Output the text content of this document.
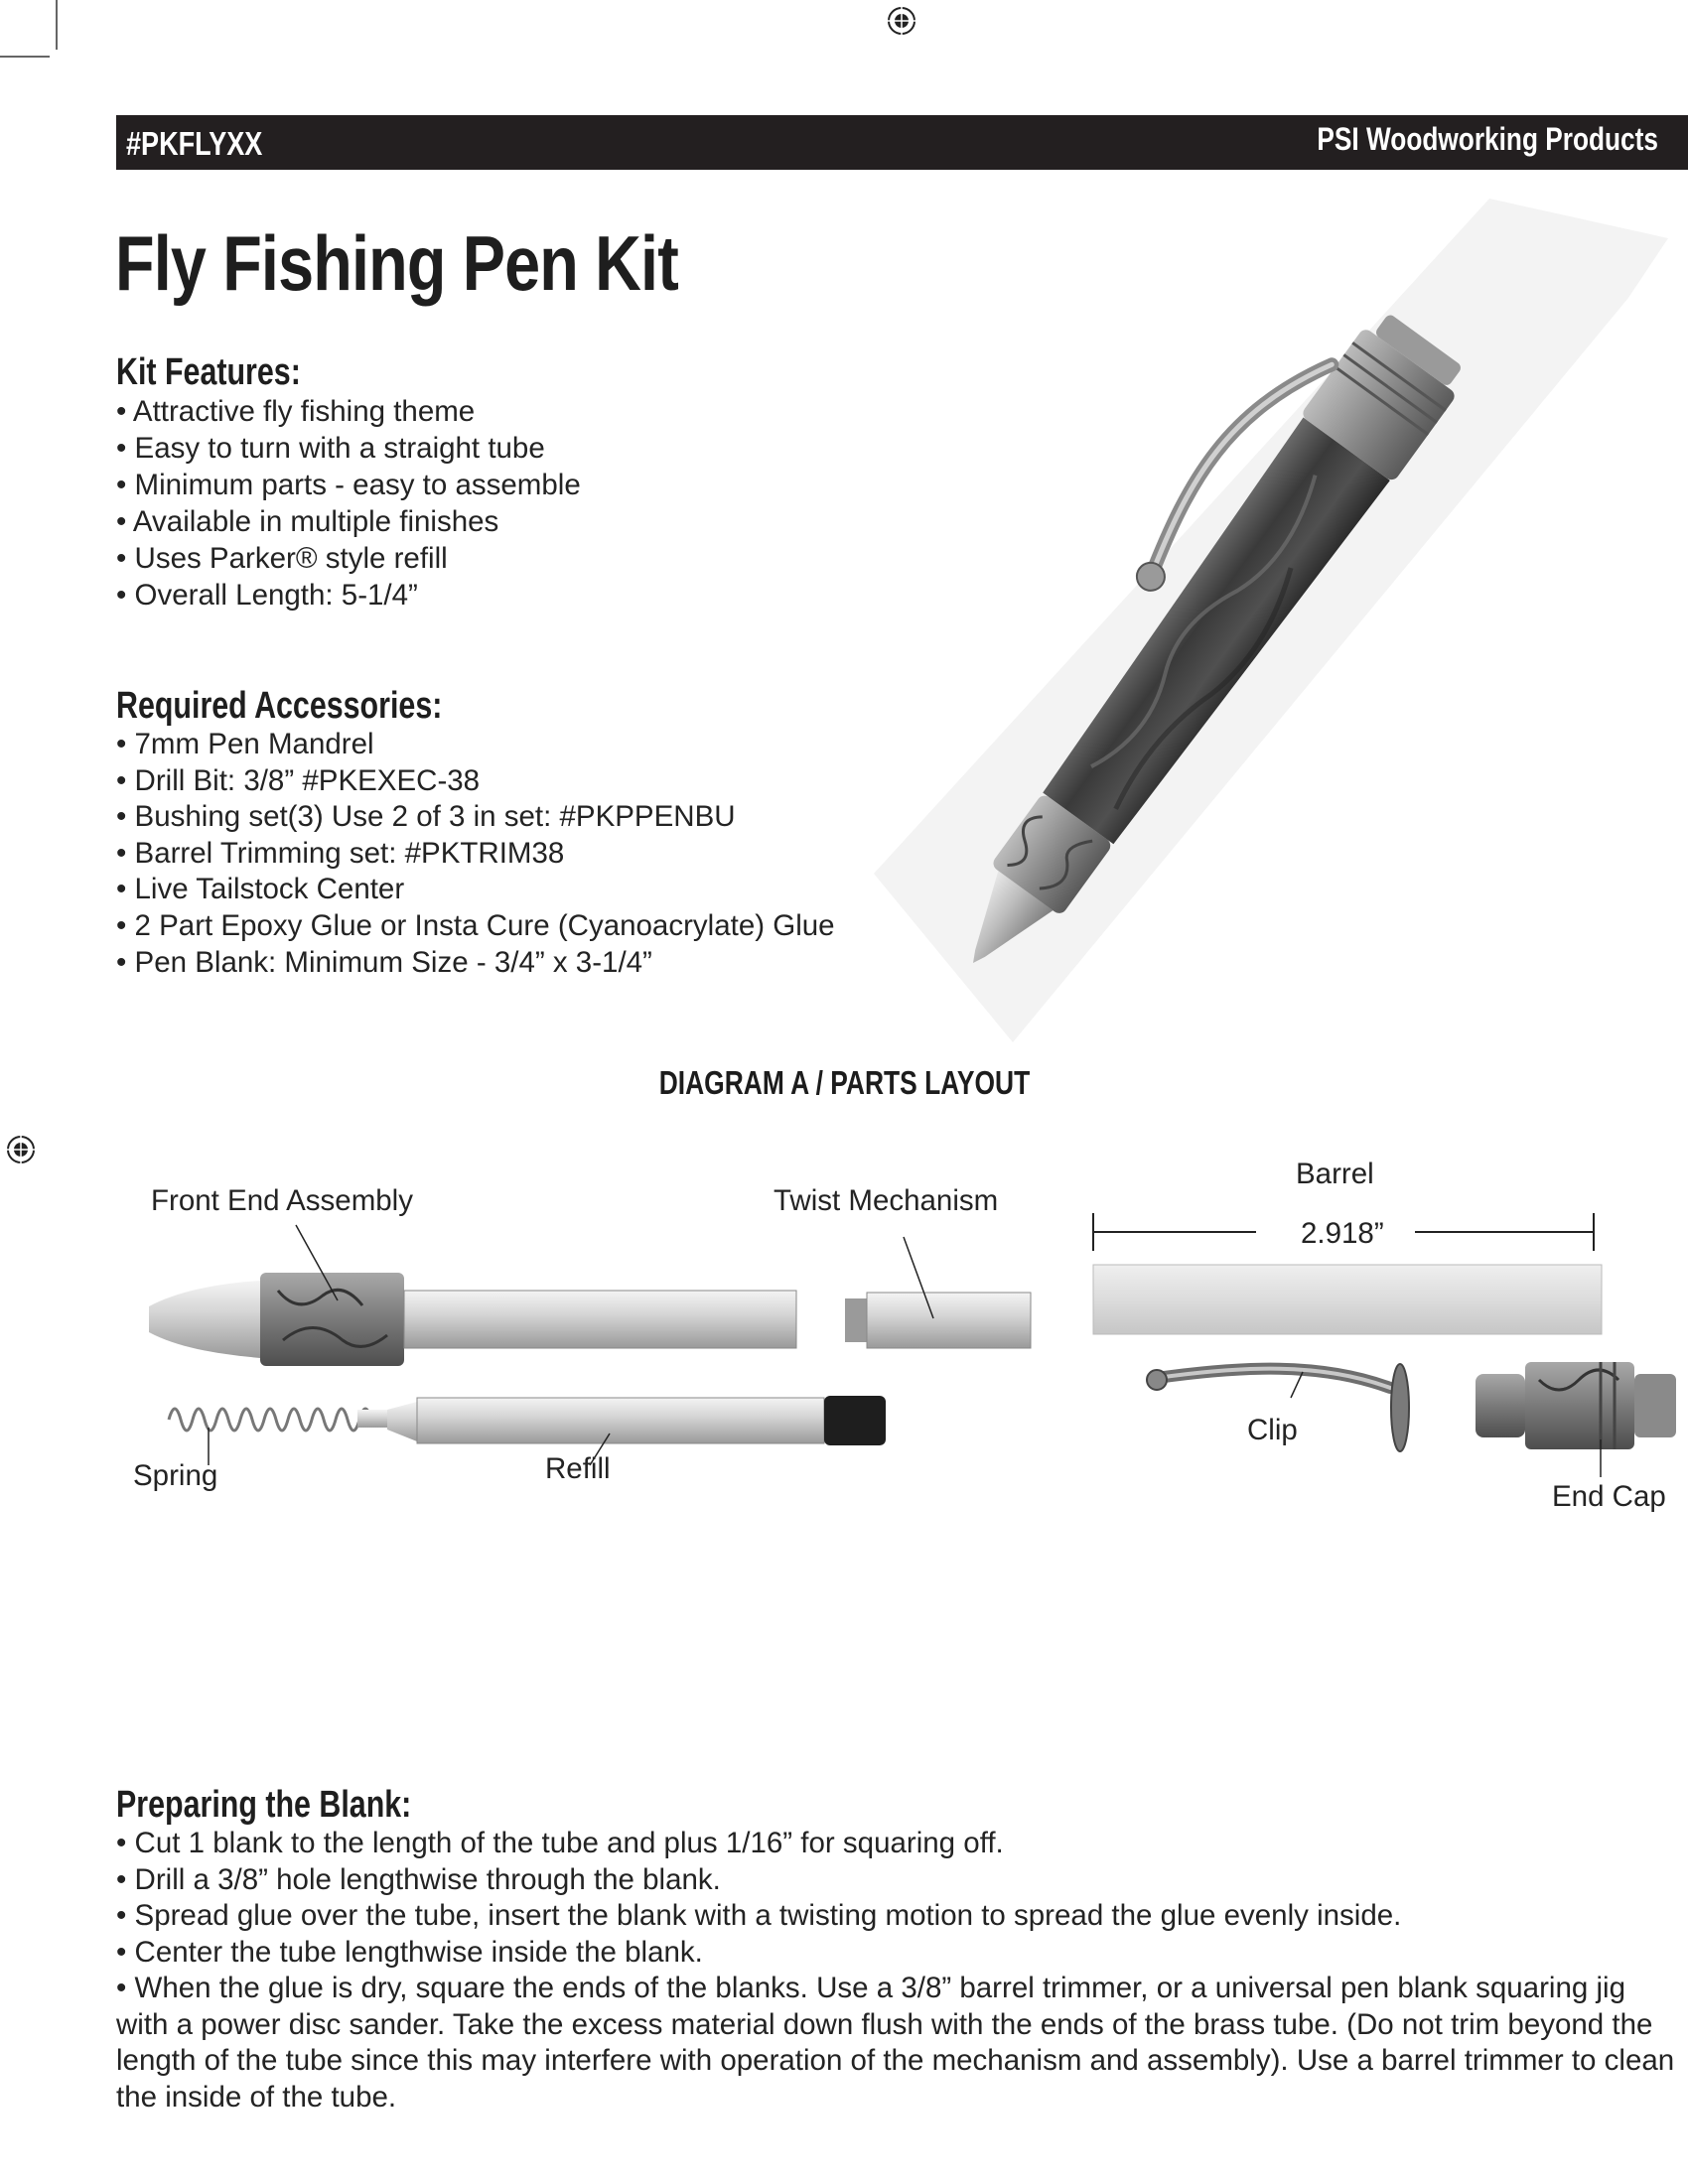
#PKFLYXX	PSI Woodworking Products
Fly Fishing Pen Kit
Kit Features:
• Attractive fly fishing theme
• Easy to turn with a straight tube
• Minimum parts - easy to assemble
• Available in multiple finishes
• Uses Parker® style refill
• Overall Length: 5-1/4”
Required Accessories:
• 7mm Pen Mandrel
• Drill Bit: 3/8” #PKEXEC-38
• Bushing set(3) Use 2 of 3 in set: #PKPPENBU
• Barrel Trimming set: #PKTRIM38
• Live Tailstock Center
• 2 Part Epoxy Glue or Insta Cure (Cyanoacrylate) Glue
• Pen Blank: Minimum Size - 3/4” x 3-1/4”
DIAGRAM A / PARTS LAYOUT
Front End Assembly	Twist Mechanism
Barrel
2.918”
Spring	Refill
Clip
End Cap
Preparing the Blank:
• Cut 1 blank to the length of the tube and plus 1/16” for squaring off.
• Drill a 3/8” hole lengthwise through the blank.
• Spread glue over the tube, insert the blank with a twisting motion to spread the glue evenly inside.
• Center the tube lengthwise inside the blank.
• When the glue is dry, square the ends of the blanks. Use a 3/8” barrel trimmer, or a universal pen blank squaring jig with a power disc sander. Take the excess material down flush with the ends of the brass tube. (Do not trim beyond the length of the tube since this may interfere with operation of the mechanism and assembly). Use a barrel trimmer to clean the inside of the tube.
